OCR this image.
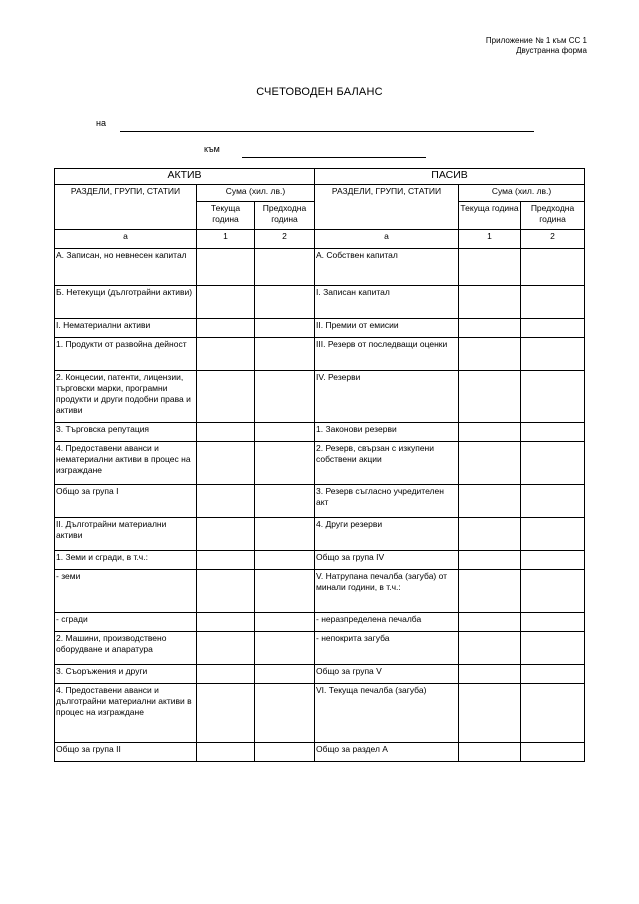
Приложение № 1 към СС 1
Двустранна форма
СЧЕТОВОДЕН БАЛАНС
на
към
АКТИВ			ПАСИВ		
РАЗДЕЛИ, ГРУПИ, СТАТИИ	Сума (хил. лв.)		РАЗДЕЛИ, ГРУПИ, СТАТИИ	Сума (хил. лв.)	
	Текуща година	Предходна година		Текуща година	Предходна година
а	1	2	а	1	2
А. Записан, но невнесен капитал			А. Собствен капитал		
Б. Нетекущи (дълготрайни активи)			I. Записан капитал		
I. Нематериални активи			II. Премии от емисии		
1. Продукти от развойна дейност			III. Резерв от последващи оценки		
2. Концесии, патенти, лицензии, търговски марки, програмни продукти и други подобни права и активи			IV. Резерви		
3. Търговска репутация			1. Законови резерви		
4. Предоставени аванси и нематериални активи в процес на изграждане			2. Резерв, свързан с изкупени собствени акции		
Общо за група I			3. Резерв съгласно учредителен акт		
II. Дълготрайни материални активи			4. Други резерви		
1. Земи и сгради, в т.ч.:			Общо за група IV		
- земи			V. Натрупана печалба (загуба) от минали години, в т.ч.:		
- сгради			- неразпределена печалба		
2. Машини, производствено оборудване и апаратура			- непокрита загуба		
3. Съоръжения и други			Общо за група V		
4. Предоставени аванси и дълготрайни материални активи в процес на изграждане			VI. Текуща печалба (загуба)		
Общо за група II			Общо за раздел А		
